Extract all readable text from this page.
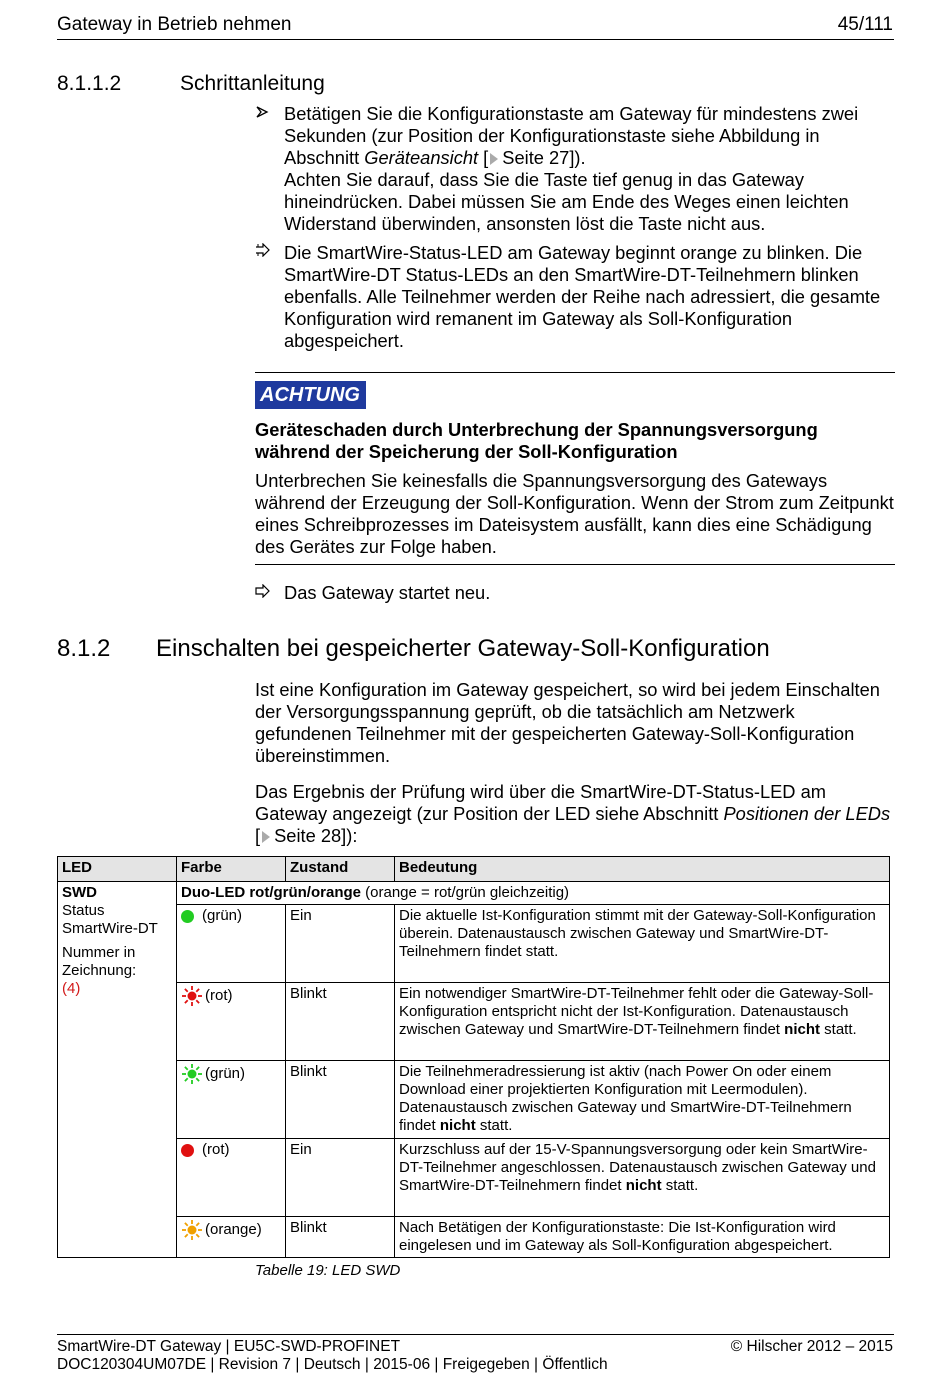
Gateway in Betrieb nehmen	45/111
8.1.1.2	Schrittanleitung
Betätigen Sie die Konfigurationstaste am Gateway für mindestens zwei Sekunden (zur Position der Konfigurationstaste siehe Abbildung in Abschnitt Geräteansicht [ Seite 27]).
Achten Sie darauf, dass Sie die Taste tief genug in das Gateway hineindrücken. Dabei müssen Sie am Ende des Weges einen leichten Widerstand überwinden, ansonsten löst die Taste nicht aus.
Die SmartWire-Status-LED am Gateway beginnt orange zu blinken. Die SmartWire-DT Status-LEDs an den SmartWire-DT-Teilnehmern blinken ebenfalls. Alle Teilnehmer werden der Reihe nach adressiert, die gesamte Konfiguration wird remanent im Gateway als Soll-Konfiguration abgespeichert.
ACHTUNG
Geräteschaden durch Unterbrechung der Spannungsversorgung während der Speicherung der Soll-Konfiguration
Unterbrechen Sie keinesfalls die Spannungsversorgung des Gateways während der Erzeugung der Soll-Konfiguration. Wenn der Strom zum Zeitpunkt eines Schreibprozesses im Dateisystem ausfällt, kann dies eine Schädigung des Gerätes zur Folge haben.
Das Gateway startet neu.
8.1.2 Einschalten bei gespeicherter Gateway-Soll-Konfiguration
Ist eine Konfiguration im Gateway gespeichert, so wird bei jedem Einschalten der Versorgungsspannung geprüft, ob die tatsächlich am Netzwerk gefundenen Teilnehmer mit der gespeicherten Gateway-Soll-Konfiguration übereinstimmen.
Das Ergebnis der Prüfung wird über die SmartWire-DT-Status-LED am Gateway angezeigt (zur Position der LED siehe Abschnitt Positionen der LEDs [ Seite 28]):
LED	Farbe	Zustand	Bedeutung
SWD
Status SmartWire-DT

Nummer in Zeichnung:
(4)	Duo-LED rot/grün/orange (orange = rot/grün gleichzeitig)		
	(grün)	Ein	Die aktuelle Ist-Konfiguration stimmt mit der Gateway-Soll-Konfiguration überein. Datenaustausch zwischen Gateway und SmartWire-DT-Teilnehmern findet statt.
	(rot)	Blinkt	Ein notwendiger SmartWire-DT-Teilnehmer fehlt oder die Gateway-Soll-Konfiguration entspricht nicht der Ist-Konfiguration. Datenaustausch zwischen Gateway und SmartWire-DT-Teilnehmern findet nicht statt.
	(grün)	Blinkt	Die Teilnehmeradressierung ist aktiv (nach Power On oder einem Download einer projektierten Konfiguration mit Leermodulen). Datenaustausch zwischen Gateway und SmartWire-DT-Teilnehmern findet nicht statt.
	(rot)	Ein	Kurzschluss auf der 15-V-Spannungsversorgung oder kein SmartWire-DT-Teilnehmer angeschlossen. Datenaustausch zwischen Gateway und SmartWire-DT-Teilnehmern findet nicht statt.
	(orange)	Blinkt	Nach Betätigen der Konfigurationstaste: Die Ist-Konfiguration wird eingelesen und im Gateway als Soll-Konfiguration abgespeichert.
Tabelle 19: LED SWD
SmartWire-DT Gateway | EU5C-SWD-PROFINET	© Hilscher 2012 – 2015
DOC120304UM07DE | Revision 7 | Deutsch | 2015-06 | Freigegeben | Öffentlich
